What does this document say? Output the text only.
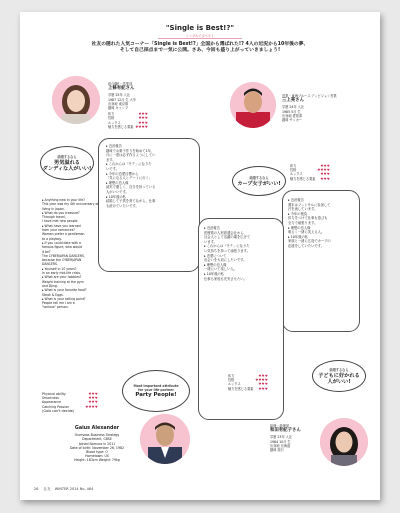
"Single is Best!?"
シングルイズベスト
社友の隠れた人気コーナー「Single is Best!?」全国から選ばれた!? 4人の近況から10年後の夢、
そして自己採点まで一気に公開。さあ、今回も盛り上がっていきましょう!
総合職F・営業部
上條有紀さん
学歴 25年 入社
1987 12月 生 大卒
出身地 東京都
趣味 キャンプ
体力	♥♥♥
性格	♥♥♥
ルックス	♥♥♥
魅力を感じる要素 ♥♥♥♥
結婚するなら
男気溢れる
ダンディな人がいい!
▸ 近況報告
趣味でお菓子作りを始めて1年、
月に一度は必ず作るようにしてい
ます。
▸ これからは「モテ」になりた
いです。
▸ 今年の恋愛目標から
「気になる人とデートに行く」
▸ 理想の恋人像
誠実で優しく、自分を持っている
人がいいです。
▸ 10年後の私
結婚して子供を育てながら、仕事
も続けていたいです。
営業・東海ブルース ディビジョン営業
三上亮さん
学歴 24年 入社
1985 5月 生
出身地 愛知県
趣味 サッカー
結婚するなら
カープ女子がいい!
体力	♥♥♥
性格	♥♥♥♥
ルックス	♥♥♥
魅力を感じる要素 ♥♥♥
▸ 近況報告
週末はフットサルに参加して
汗を流しています。
▸ 今年の抱負
体力をつけて仕事も遊びも
全力で頑張ります。
▸ 理想の恋人像
明るく一緒に笑える人。
▸ 10年後の私
家族と一緒に広島でカープの
応援をしていたいです。
▸ 近況報告
医療系の人材派遣会社から、
社会人として活躍の場を広げて
います。
▸ これからは「モテ」になりた
い気持ちを持って頑張ります。
▸ 恋愛について
出会いを大切にしたいです。
▸ 理想の恋人像
一緒にいて楽しい人。
▸ 10年後の私
仕事も家庭も充実させたい。
▸ Anything new in your life?
This year was my 4th anniversary of
living in Japan.
▸ What do you treasure?
Through travel,
I have met new people.
▸ What have you learned
from your romances?
Women prefer a gentleman
to a playboy.
▸ If you could date with a
famous figure, who would
it be?
The CYBERJAPAN DANCERS,
because the CYBERJAPAN
DANCERS.
▸ Yourself in 10 years?
In an early mid-life crisis.
▸ What are your hobbies?
Weight training at the gym
and DJing.
▸ What is your favorite food?
Steak & Eggs.
▸ What is your selling point?
People tell me I am a
"serious" person.
Physical ability	♥♥♥
Smartness	♥♥♥
Appearance	♥♥♥
Catching Passion	♥♥♥♥
(Gaia can't decide)
Most important attribute
for your life partner
Party People!
Gaius Alexander
Overseas Business Strategy
Department, CBSE
Joined Nomura in 2011
Date of birth: November 26, 1982
Blood type: O
Hometown: US
Height: 183cm Weight: 79kg
結婚するなら
子どもに好かれる
人がいい!
体力	♥♥♥
性格	♥♥♥♥
ルックス	♥♥♥
魅力を感じる要素 ♥♥♥
総務・経理部
和田有紀子さん
学歴 23年 入社
1984 10月 生
出身地 北海道
趣味 旅行
26 社友 WINTER 2014 No. 464
